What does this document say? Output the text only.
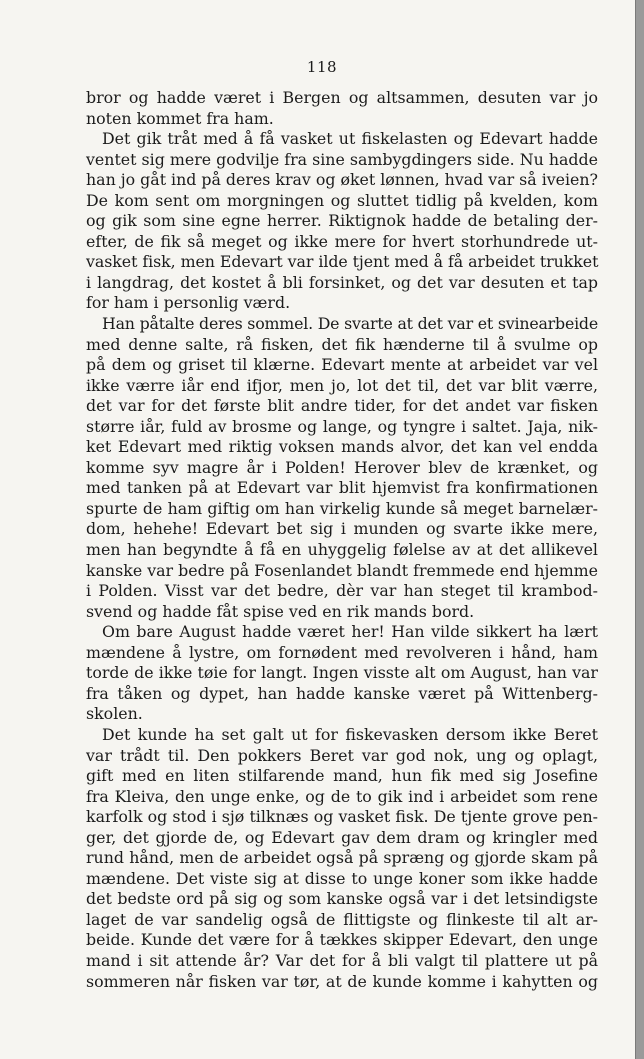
118
bror og hadde været i Bergen og altsammen, desuten var jo
noten kommet fra ham.
Det gik tråt med å få vasket ut fiskelasten og Edevart hadde
ventet sig mere godvilje fra sine sambygdingers side. Nu hadde
han jo gåt ind på deres krav og øket lønnen, hvad var så iveien?
De kom sent om morgningen og sluttet tidlig på kvelden, kom
og gik som sine egne herrer. Riktignok hadde de betaling der-
efter, de fik så meget og ikke mere for hvert storhundrede ut-
vasket fisk, men Edevart var ilde tjent med å få arbeidet trukket
i langdrag, det kostet å bli forsinket, og det var desuten et tap
for ham i personlig værd.
Han påtalte deres sommel. De svarte at det var et svinearbeide
med denne salte, rå fisken, det fik hænderne til å svulme op
på dem og griset til klærne. Edevart mente at arbeidet var vel
ikke værre iår end ifjor, men jo, lot det til, det var blit værre,
det var for det første blit andre tider, for det andet var fisken
større iår, fuld av brosme og lange, og tyngre i saltet. Jaja, nik-
ket Edevart med riktig voksen mands alvor, det kan vel endda
komme syv magre år i Polden! Herover blev de krænket, og
med tanken på at Edevart var blit hjemvist fra konfirmationen
spurte de ham giftig om han virkelig kunde så meget barnelær-
dom, hehehe! Edevart bet sig i munden og svarte ikke mere,
men han begyndte å få en uhyggelig følelse av at det allikevel
kanske var bedre på Fosenlandet blandt fremmede end hjemme
i Polden. Visst var det bedre, dèr var han steget til krambod-
svend og hadde fåt spise ved en rik mands bord.
Om bare August hadde været her! Han vilde sikkert ha lært
mændene å lystre, om fornødent med revolveren i hånd, ham
torde de ikke tøie for langt. Ingen visste alt om August, han var
fra tåken og dypet, han hadde kanske været på Wittenberg-
skolen.
Det kunde ha set galt ut for fiskevasken dersom ikke Beret
var trådt til. Den pokkers Beret var god nok, ung og oplagt,
gift med en liten stilfarende mand, hun fik med sig Josefine
fra Kleiva, den unge enke, og de to gik ind i arbeidet som rene
karfolk og stod i sjø tilknæs og vasket fisk. De tjente grove pen-
ger, det gjorde de, og Edevart gav dem dram og kringler med
rund hånd, men de arbeidet også på spræng og gjorde skam på
mændene. Det viste sig at disse to unge koner som ikke hadde
det bedste ord på sig og som kanske også var i det letsindigste
laget de var sandelig også de flittigste og flinkeste til alt ar-
beide. Kunde det være for å tækkes skipper Edevart, den unge
mand i sit attende år? Var det for å bli valgt til plattere ut på
sommeren når fisken var tør, at de kunde komme i kahytten og
